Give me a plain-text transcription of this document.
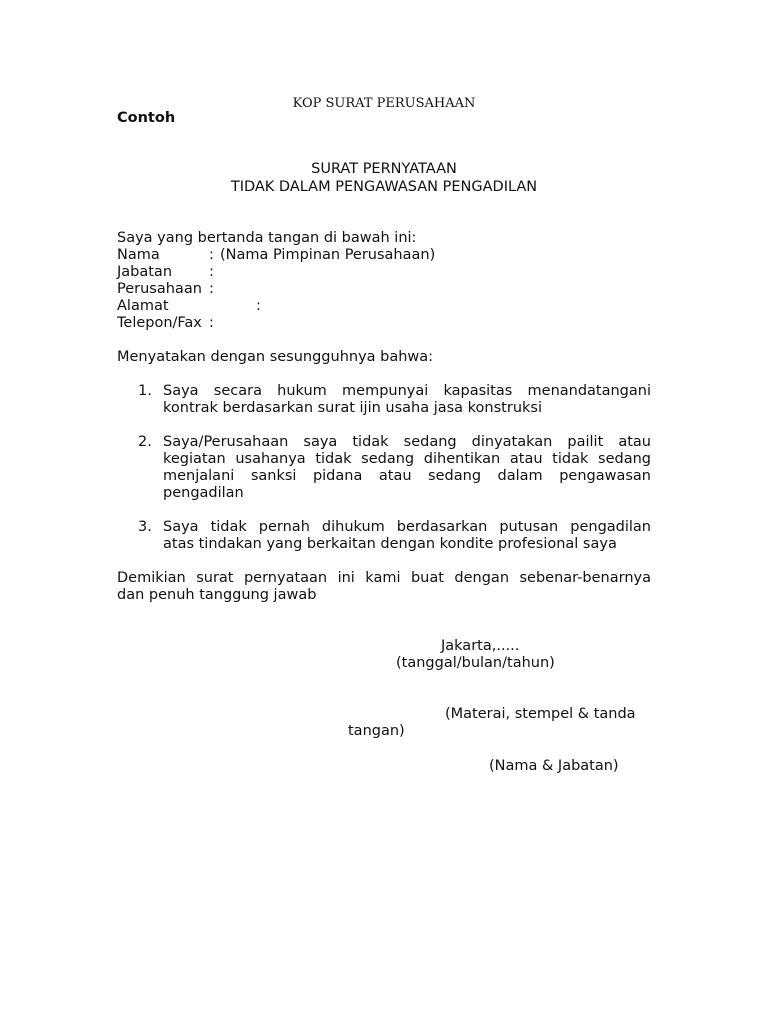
KOP SURAT PERUSAHAAN
Contoh
SURAT PERNYATAAN
TIDAK DALAM PENGAWASAN PENGADILAN
Saya yang bertanda tangan di bawah ini:
Nama	: (Nama Pimpinan Perusahaan)
Jabatan	:
Perusahaan :
Alamat	:
Telepon/Fax :
Menyatakan dengan sesungguhnya bahwa:
1. Saya secara hukum mempunyai kapasitas menandatangani
kontrak berdasarkan surat ijin usaha jasa konstruksi
2. Saya/Perusahaan saya tidak sedang dinyatakan pailit atau
kegiatan usahanya tidak sedang dihentikan atau tidak sedang
menjalani sanksi pidana atau sedang dalam pengawasan
pengadilan
3. Saya tidak pernah dihukum berdasarkan putusan pengadilan
atas tindakan yang berkaitan dengan kondite profesional saya
Demikian surat pernyataan ini kami buat dengan sebenar-benarnya
dan penuh tanggung jawab
Jakarta,.....
(tanggal/bulan/tahun)
(Materai, stempel & tanda
tangan)
(Nama & Jabatan)
